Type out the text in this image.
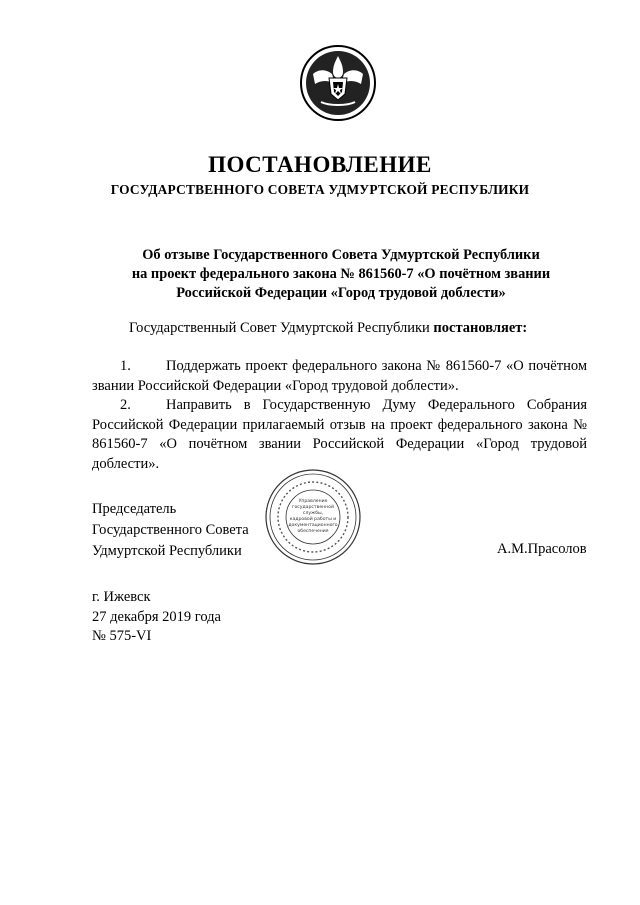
ПОСТАНОВЛЕНИЕ
ГОСУДАРСТВЕННОГО СОВЕТА УДМУРТСКОЙ РЕСПУБЛИКИ
Об отзыве Государственного Совета Удмуртской Республики
на проект федерального закона № 861560-7 «О почётном звании
Российской Федерации «Город трудовой доблести»
Государственный Совет Удмуртской Республики постановляет:

1. Поддержать проект федерального закона № 861560-7 «О почётном звании Российской Федерации «Город трудовой доблести».

2. Направить в Государственную Думу Федерального Собрания Российской Федерации прилагаемый отзыв на проект федерального закона № 861560-7 «О почётном звании Российской Федерации «Город трудовой доблести».

Председатель
Государственного Совета
Удмуртской Республики
Управление
государственной
службы,
кадровой работы и
документационного
обеспечения
А.М.Прасолов
г. Ижевск
27 декабря 2019 года
№ 575-VI
